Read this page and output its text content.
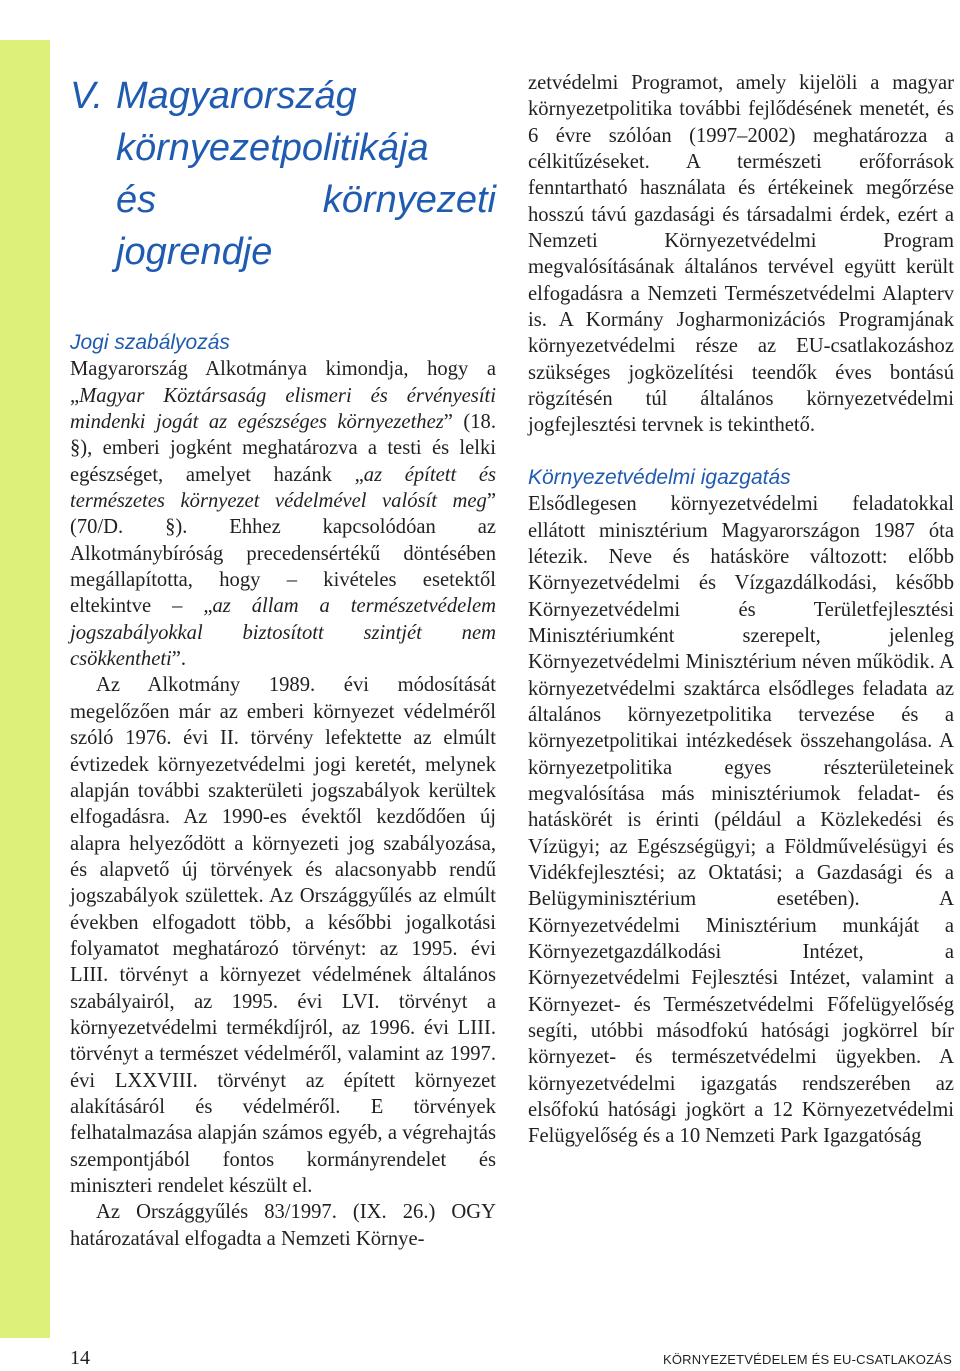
V. Magyarország
környezetpolitikája
és környezeti jogrendje
Jogi szabályozás

Magyarország Alkotmánya kimondja, hogy a „Magyar Köztársaság elismeri és érvényesíti mindenki jogát az egészséges környezethez” (18. §), emberi jogként meghatározva a testi és lelki egészséget, amelyet hazánk „az épített és természetes környezet védelmével valósít meg” (70/D. §). Ehhez kapcsolódóan az Alkotmánybíróság precedensértékű döntésében megállapította, hogy – kivételes esetektől eltekintve – „az állam a természetvédelem jogszabályokkal biztosított szintjét nem csökkentheti”.

Az Alkotmány 1989. évi módosítását megelőzően már az emberi környezet védelméről szóló 1976. évi II. törvény lefektette az elmúlt évtizedek környezetvédelmi jogi keretét, melynek alapján további szakterületi jogszabályok kerültek elfogadásra. Az 1990-es évektől kezdődően új alapra helyeződött a környezeti jog szabályozása, és alapvető új törvények és alacsonyabb rendű jogszabályok születtek. Az Országgyűlés az elmúlt években elfogadott több, a későbbi jogalkotási folyamatot meghatározó törvényt: az 1995. évi LIII. törvényt a környezet védelmének általános szabályairól, az 1995. évi LVI. törvényt a környezetvédelmi termékdíjról, az 1996. évi LIII. törvényt a természet védelméről, valamint az 1997. évi LXXVIII. törvényt az épített környezet alakításáról és védelméről. E törvények felhatalmazása alapján számos egyéb, a végrehajtás szempontjából fontos kormányrendelet és miniszteri rendelet készült el.

Az Országgyűlés 83/1997. (IX. 26.) OGY határozatával elfogadta a Nemzeti Környe-

zetvédelmi Programot, amely kijelöli a magyar környezetpolitika további fejlődésének menetét, és 6 évre szólóan (1997–2002) meghatározza a célkitűzéseket. A természeti erőforrások fenntartható használata és értékeinek megőrzése hosszú távú gazdasági és társadalmi érdek, ezért a Nemzeti Környezetvédelmi Program megvalósításának általános tervével együtt került elfogadásra a Nemzeti Természetvédelmi Alapterv is. A Kormány Jogharmonizációs Programjának környezetvédelmi része az EU-csatlakozáshoz szükséges jogközelítési teendők éves bontású rögzítésén túl általános környezetvédelmi jogfejlesztési tervnek is tekinthető.

Környezetvédelmi igazgatás

Elsődlegesen környezetvédelmi feladatokkal ellátott minisztérium Magyarországon 1987 óta létezik. Neve és hatásköre változott: előbb Környezetvédelmi és Vízgazdálkodási, később Környezetvédelmi és Területfejlesztési Minisztériumként szerepelt, jelenleg Környezetvédelmi Minisztérium néven működik. A környezetvédelmi szaktárca elsődleges feladata az általános környezetpolitika tervezése és a környezetpolitikai intézkedések összehangolása. A környezetpolitika egyes részterületeinek megvalósítása más minisztériumok feladat- és hatáskörét is érinti (például a Közlekedési és Vízügyi; az Egészségügyi; a Földművelésügyi és Vidékfejlesztési; az Oktatási; a Gazdasági és a Belügyminisztérium esetében). A Környezetvédelmi Minisztérium munkáját a Környezetgazdálkodási Intézet, a Környezetvédelmi Fejlesztési Intézet, valamint a Környezet- és Természetvédelmi Főfelügyelőség segíti, utóbbi másodfokú hatósági jogkörrel bír környezet- és természetvédelmi ügyekben. A környezetvédelmi igazgatás rendszerében az elsőfokú hatósági jogkört a 12 Környezetvédelmi Felügyelőség és a 10 Nemzeti Park Igazgatóság

14	KÖRNYEZETVÉDELEM ÉS EU-CSATLAKOZÁS
